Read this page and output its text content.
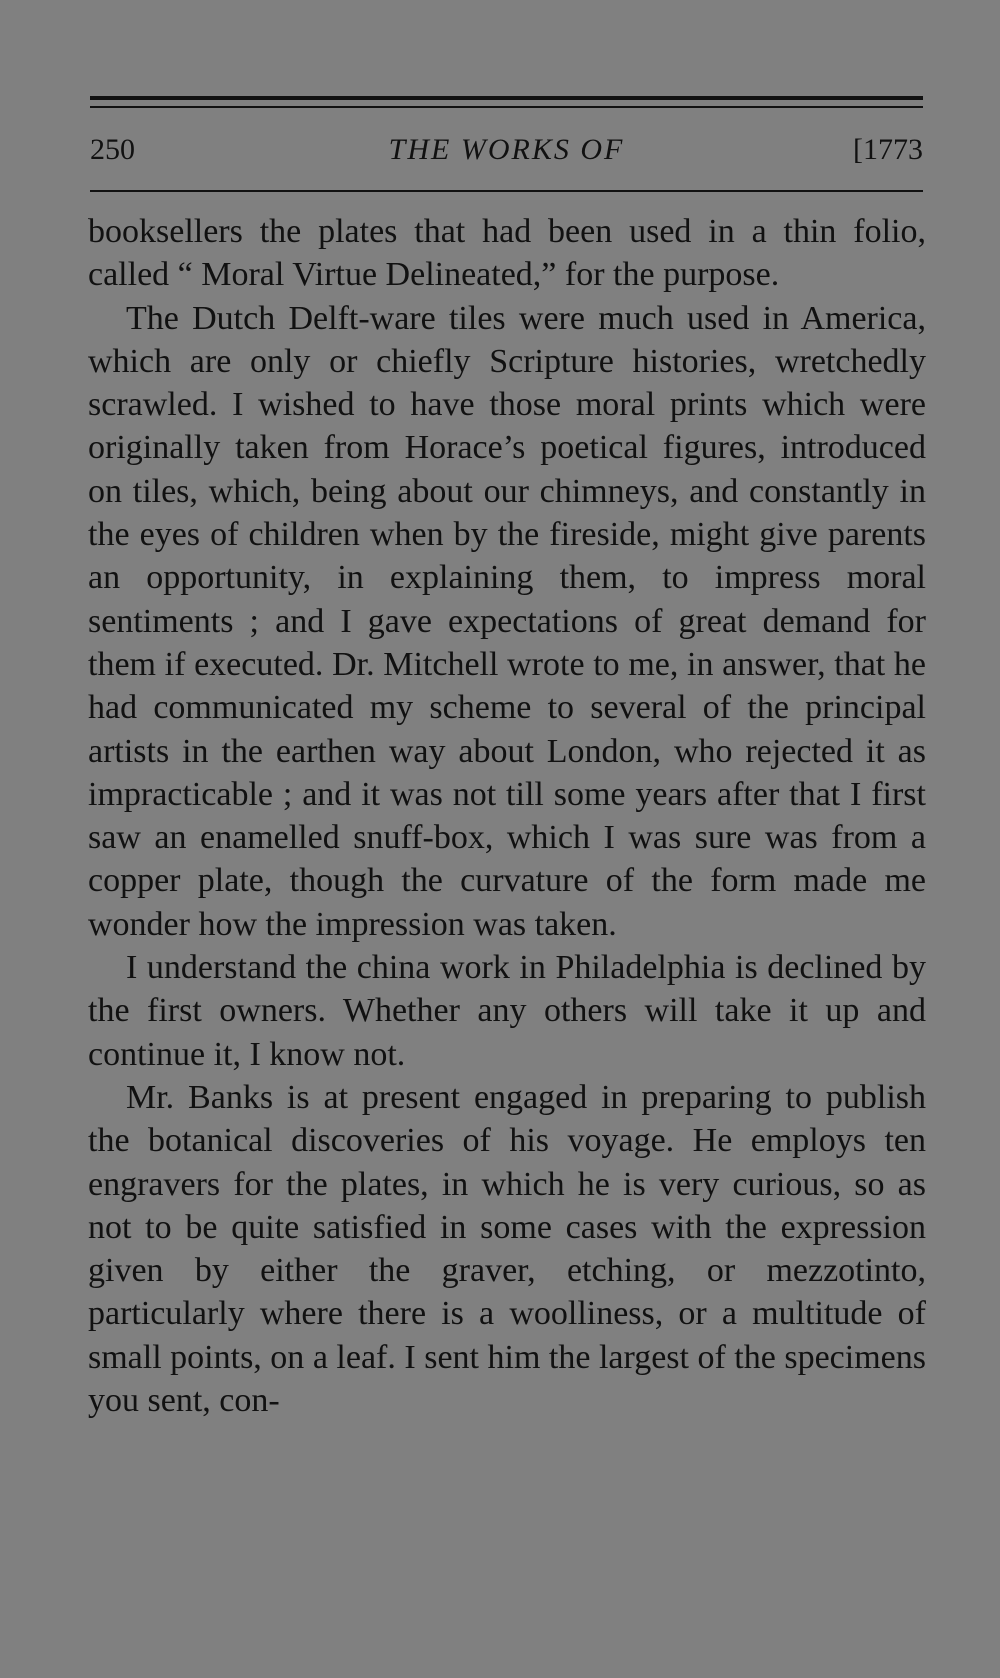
250	THE WORKS OF	[1773

booksellers the plates that had been used in a thin folio, called “ Moral Virtue Delineated,” for the purpose.

The Dutch Delft-ware tiles were much used in America, which are only or chiefly Scripture histories, wretchedly scrawled. I wished to have those moral prints which were originally taken from Horace’s poetical figures, introduced on tiles, which, being about our chimneys, and constantly in the eyes of children when by the fireside, might give parents an opportunity, in explaining them, to impress moral sentiments ; and I gave expectations of great demand for them if executed. Dr. Mitchell wrote to me, in answer, that he had communicated my scheme to several of the principal artists in the earthen way about London, who rejected it as impracticable ; and it was not till some years after that I first saw an enamelled snuff-box, which I was sure was from a copper plate, though the curvature of the form made me wonder how the impression was taken.

I understand the china work in Philadelphia is declined by the first owners. Whether any others will take it up and continue it, I know not.

Mr. Banks is at present engaged in preparing to publish the botanical discoveries of his voyage. He employs ten engravers for the plates, in which he is very curious, so as not to be quite satisfied in some cases with the expression given by either the graver, etching, or mezzotinto, particularly where there is a woolliness, or a multitude of small points, on a leaf. I sent him the largest of the specimens you sent, con-
